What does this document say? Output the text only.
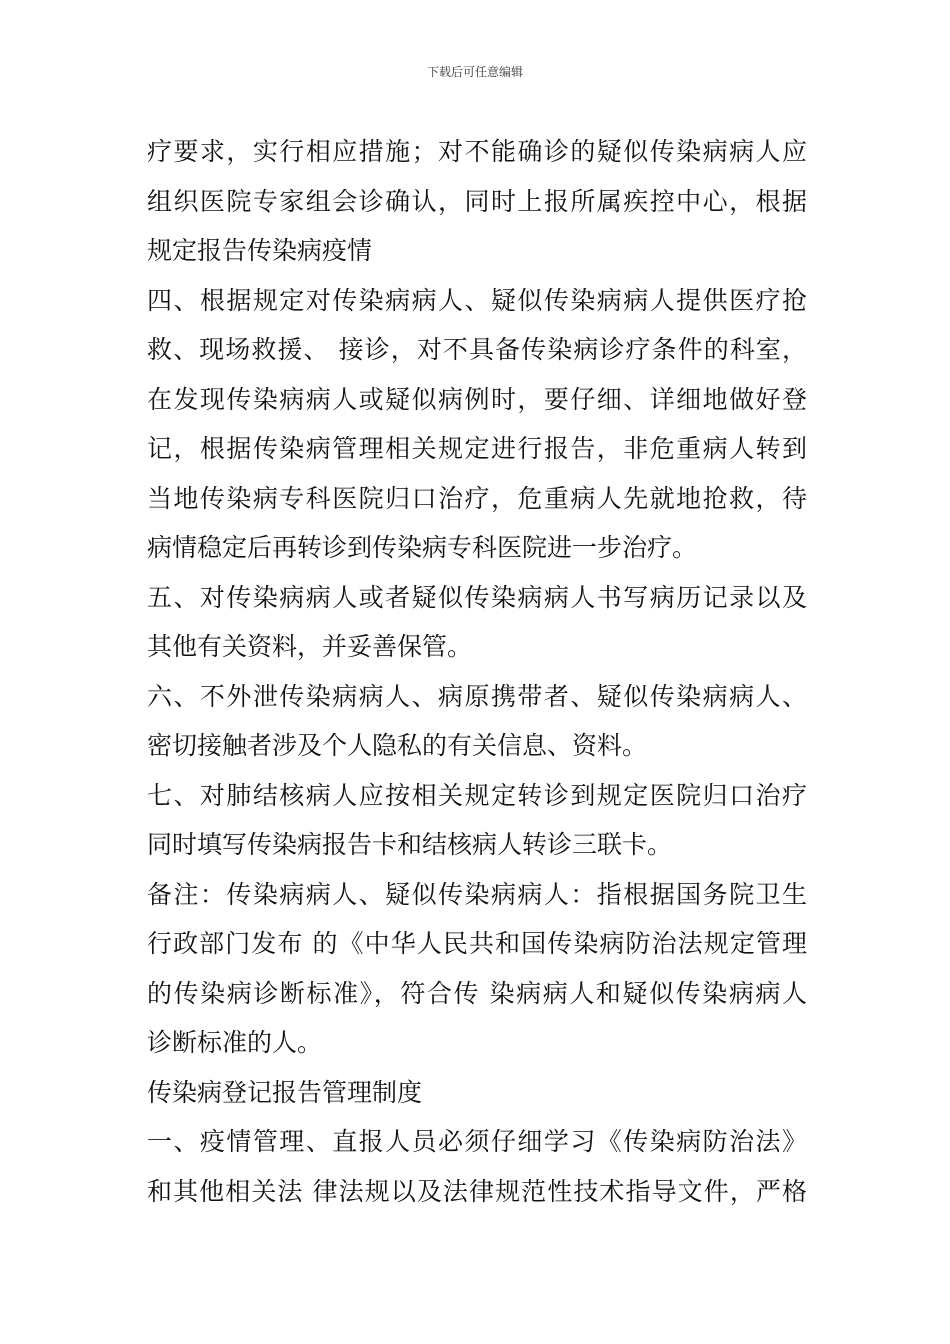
下载后可任意编辑
疗要求，实行相应措施；对不能确诊的疑似传染病病人应
组织医院专家组会诊确认，同时上报所属疾控中心，根据
规定报告传染病疫情
四、根据规定对传染病病人、疑似传染病病人提供医疗抢
救、现场救援、 接诊，对不具备传染病诊疗条件的科室，
在发现传染病病人或疑似病例时，要仔细、详细地做好登
记，根据传染病管理相关规定进行报告，非危重病人转到
当地传染病专科医院归口治疗，危重病人先就地抢救，待
病情稳定后再转诊到传染病专科医院进一步治疗。
五、对传染病病人或者疑似传染病病人书写病历记录以及
其他有关资料，并妥善保管。
六、不外泄传染病病人、病原携带者、疑似传染病病人、
密切接触者涉及个人隐私的有关信息、资料。
七、对肺结核病人应按相关规定转诊到规定医院归口治疗
同时填写传染病报告卡和结核病人转诊三联卡。
备注：传染病病人、疑似传染病病人：指根据国务院卫生
行政部门发布 的《中华人民共和国传染病防治法规定管理
的传染病诊断标准》，符合传 染病病人和疑似传染病病人
诊断标准的人。
传染病登记报告管理制度
一、疫情管理、直报人员必须仔细学习《传染病防治法》
和其他相关法 律法规以及法律规范性技术指导文件，严格
